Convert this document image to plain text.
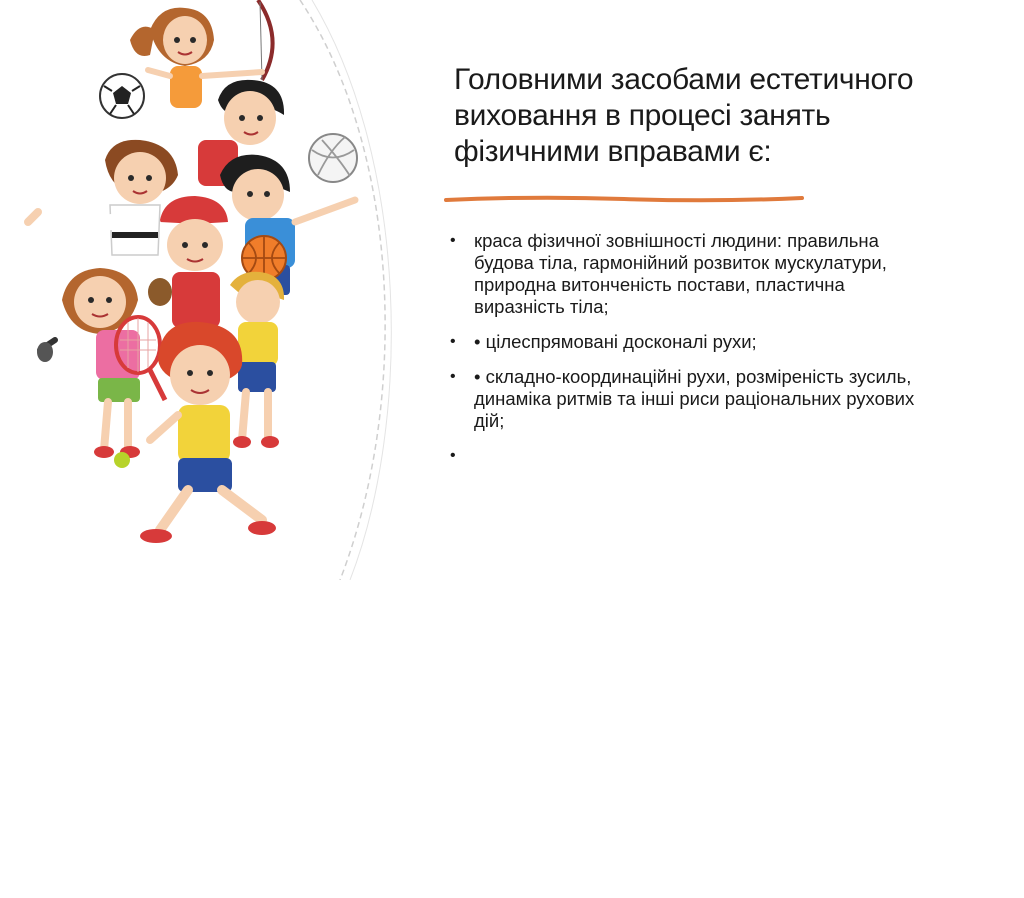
Головними засобами естетичного
виховання в процесі занять
фізичними вправами є:
• краса фізичної зовнішності людини: правильна
будова тіла, гармонійний розвиток мускулатури,
природна витонченість постави, пластична
виразність тіла;
• • цілеспрямовані досконалі рухи;
• • складно-координаційні рухи, розміреність зусиль,
динаміка ритмів та інші риси раціональних рухових
дій;
•
